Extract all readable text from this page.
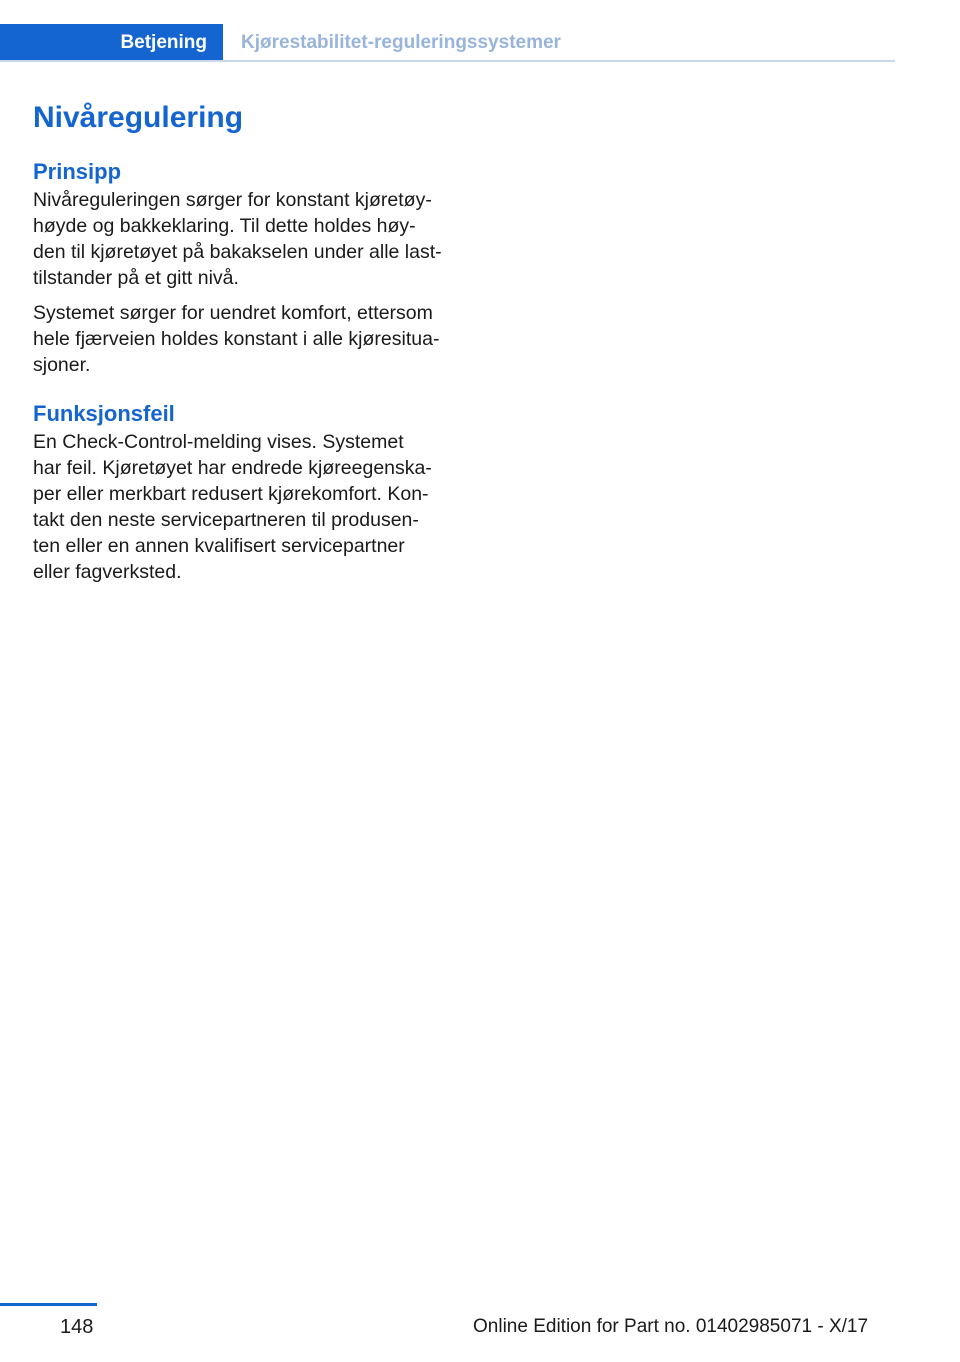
Betjening Kjørestabilitet-reguleringssystemer
Nivåregulering
Prinsipp

Nivåreguleringen sørger for konstant kjøretøy-
høyde og bakkeklaring. Til dette holdes høy-
den til kjøretøyet på bakakselen under alle last-
tilstander på et gitt nivå.

Systemet sørger for uendret komfort, ettersom
hele fjærveien holdes konstant i alle kjøresitua-
sjoner.

Funksjonsfeil

En Check-Control-melding vises. Systemet
har feil. Kjøretøyet har endrede kjøreegenska-
per eller merkbart redusert kjørekomfort. Kon-
takt den neste servicepartneren til produsen-
ten eller en annen kvalifisert servicepartner
eller fagverksted.

148	Online Edition for Part no. 01402985071 - X/17
